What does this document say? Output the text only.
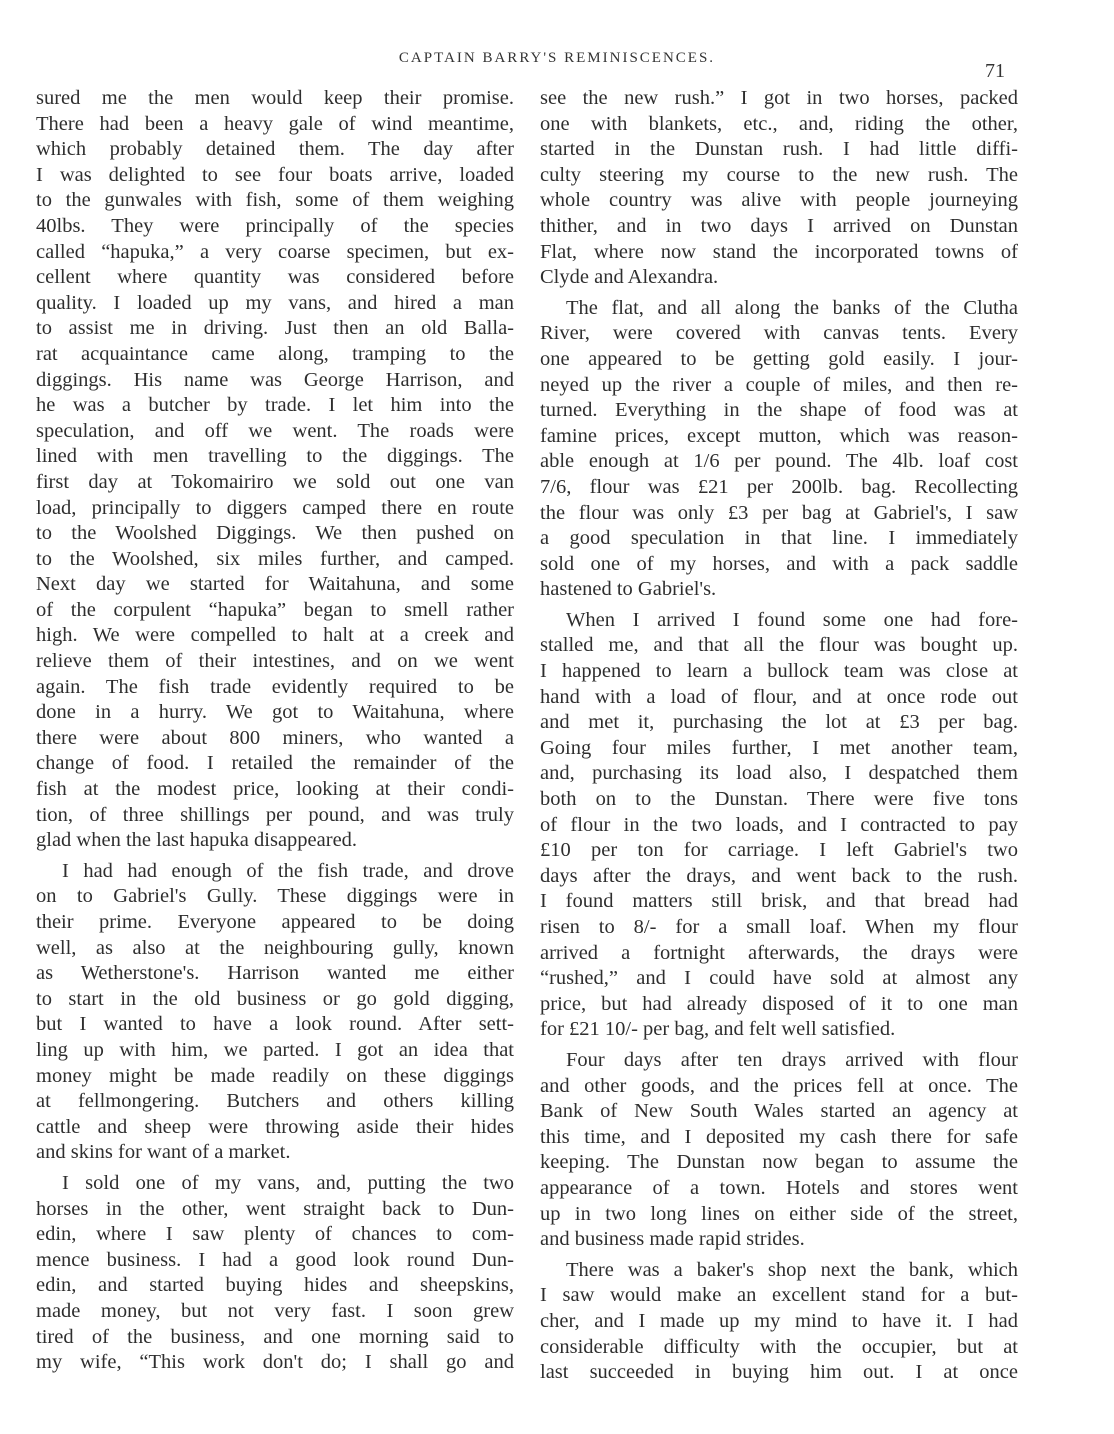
CAPTAIN BARRY'S REMINISCENCES.
71
sured me the men would keep their promise.
There had been a heavy gale of wind meantime,
which probably detained them. The day after
I was delighted to see four boats arrive, loaded
to the gunwales with fish, some of them weighing
40lbs. They were principally of the species
called “hapuka,” a very coarse specimen, but ex-
cellent where quantity was considered before
quality. I loaded up my vans, and hired a man
to assist me in driving. Just then an old Balla-
rat acquaintance came along, tramping to the
diggings. His name was George Harrison, and
he was a butcher by trade. I let him into the
speculation, and off we went. The roads were
lined with men travelling to the diggings. The
first day at Tokomairiro we sold out one van
load, principally to diggers camped there en route
to the Woolshed Diggings. We then pushed on
to the Woolshed, six miles further, and camped.
Next day we started for Waitahuna, and some
of the corpulent “hapuka” began to smell rather
high. We were compelled to halt at a creek and
relieve them of their intestines, and on we went
again. The fish trade evidently required to be
done in a hurry. We got to Waitahuna, where
there were about 800 miners, who wanted a
change of food. I retailed the remainder of the
fish at the modest price, looking at their condi-
tion, of three shillings per pound, and was truly
glad when the last hapuka disappeared.
I had had enough of the fish trade, and drove
on to Gabriel's Gully. These diggings were in
their prime. Everyone appeared to be doing
well, as also at the neighbouring gully, known
as Wetherstone's. Harrison wanted me either
to start in the old business or go gold digging,
but I wanted to have a look round. After sett-
ling up with him, we parted. I got an idea that
money might be made readily on these diggings
at fellmongering. Butchers and others killing
cattle and sheep were throwing aside their hides
and skins for want of a market.
I sold one of my vans, and, putting the two
horses in the other, went straight back to Dun-
edin, where I saw plenty of chances to com-
mence business. I had a good look round Dun-
edin, and started buying hides and sheepskins,
made money, but not very fast. I soon grew
tired of the business, and one morning said to
my wife, “This work don't do; I shall go and
see the new rush.” I got in two horses, packed
one with blankets, etc., and, riding the other,
started in the Dunstan rush. I had little diffi-
culty steering my course to the new rush. The
whole country was alive with people journeying
thither, and in two days I arrived on Dunstan
Flat, where now stand the incorporated towns of
Clyde and Alexandra.
The flat, and all along the banks of the Clutha
River, were covered with canvas tents. Every
one appeared to be getting gold easily. I jour-
neyed up the river a couple of miles, and then re-
turned. Everything in the shape of food was at
famine prices, except mutton, which was reason-
able enough at 1/6 per pound. The 4lb. loaf cost
7/6, flour was £21 per 200lb. bag. Recollecting
the flour was only £3 per bag at Gabriel's, I saw
a good speculation in that line. I immediately
sold one of my horses, and with a pack saddle
hastened to Gabriel's.
When I arrived I found some one had fore-
stalled me, and that all the flour was bought up.
I happened to learn a bullock team was close at
hand with a load of flour, and at once rode out
and met it, purchasing the lot at £3 per bag.
Going four miles further, I met another team,
and, purchasing its load also, I despatched them
both on to the Dunstan. There were five tons
of flour in the two loads, and I contracted to pay
£10 per ton for carriage. I left Gabriel's two
days after the drays, and went back to the rush.
I found matters still brisk, and that bread had
risen to 8/- for a small loaf. When my flour
arrived a fortnight afterwards, the drays were
“rushed,” and I could have sold at almost any
price, but had already disposed of it to one man
for £21 10/- per bag, and felt well satisfied.
Four days after ten drays arrived with flour
and other goods, and the prices fell at once. The
Bank of New South Wales started an agency at
this time, and I deposited my cash there for safe
keeping. The Dunstan now began to assume the
appearance of a town. Hotels and stores went
up in two long lines on either side of the street,
and business made rapid strides.
There was a baker's shop next the bank, which
I saw would make an excellent stand for a but-
cher, and I made up my mind to have it. I had
considerable difficulty with the occupier, but at
last succeeded in buying him out. I at once
